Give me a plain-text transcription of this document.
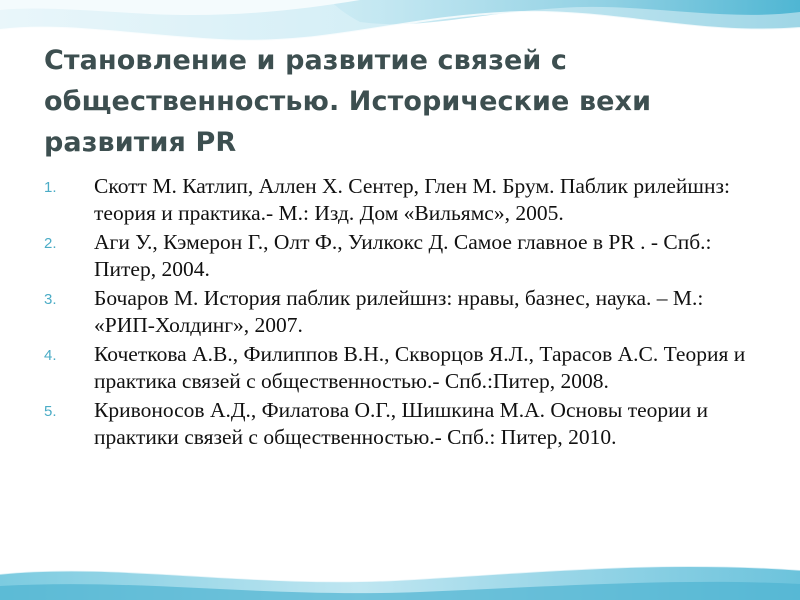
Становление и развитие связей с общественностью. Исторические вехи развития PR
1. Скотт М. Катлип, Аллен Х. Сентер, Глен М. Брум. Паблик рилейшнз: теория и практика.- М.: Изд. Дом «Вильямс», 2005.
2. Аги У., Кэмерон Г., Олт Ф., Уилкокс Д. Самое главное в PR . - Спб.: Питер, 2004.
3. Бочаров М. История паблик рилейшнз: нравы, базнес, наука. – М.: «РИП-Холдинг», 2007.
4. Кочеткова А.В., Филиппов В.Н., Скворцов Я.Л., Тарасов А.С. Теория и практика связей с общественностью.- Спб.:Питер, 2008.
5. Кривоносов А.Д., Филатова О.Г., Шишкина М.А. Основы теории и практики связей с общественностью.- Спб.: Питер, 2010.
